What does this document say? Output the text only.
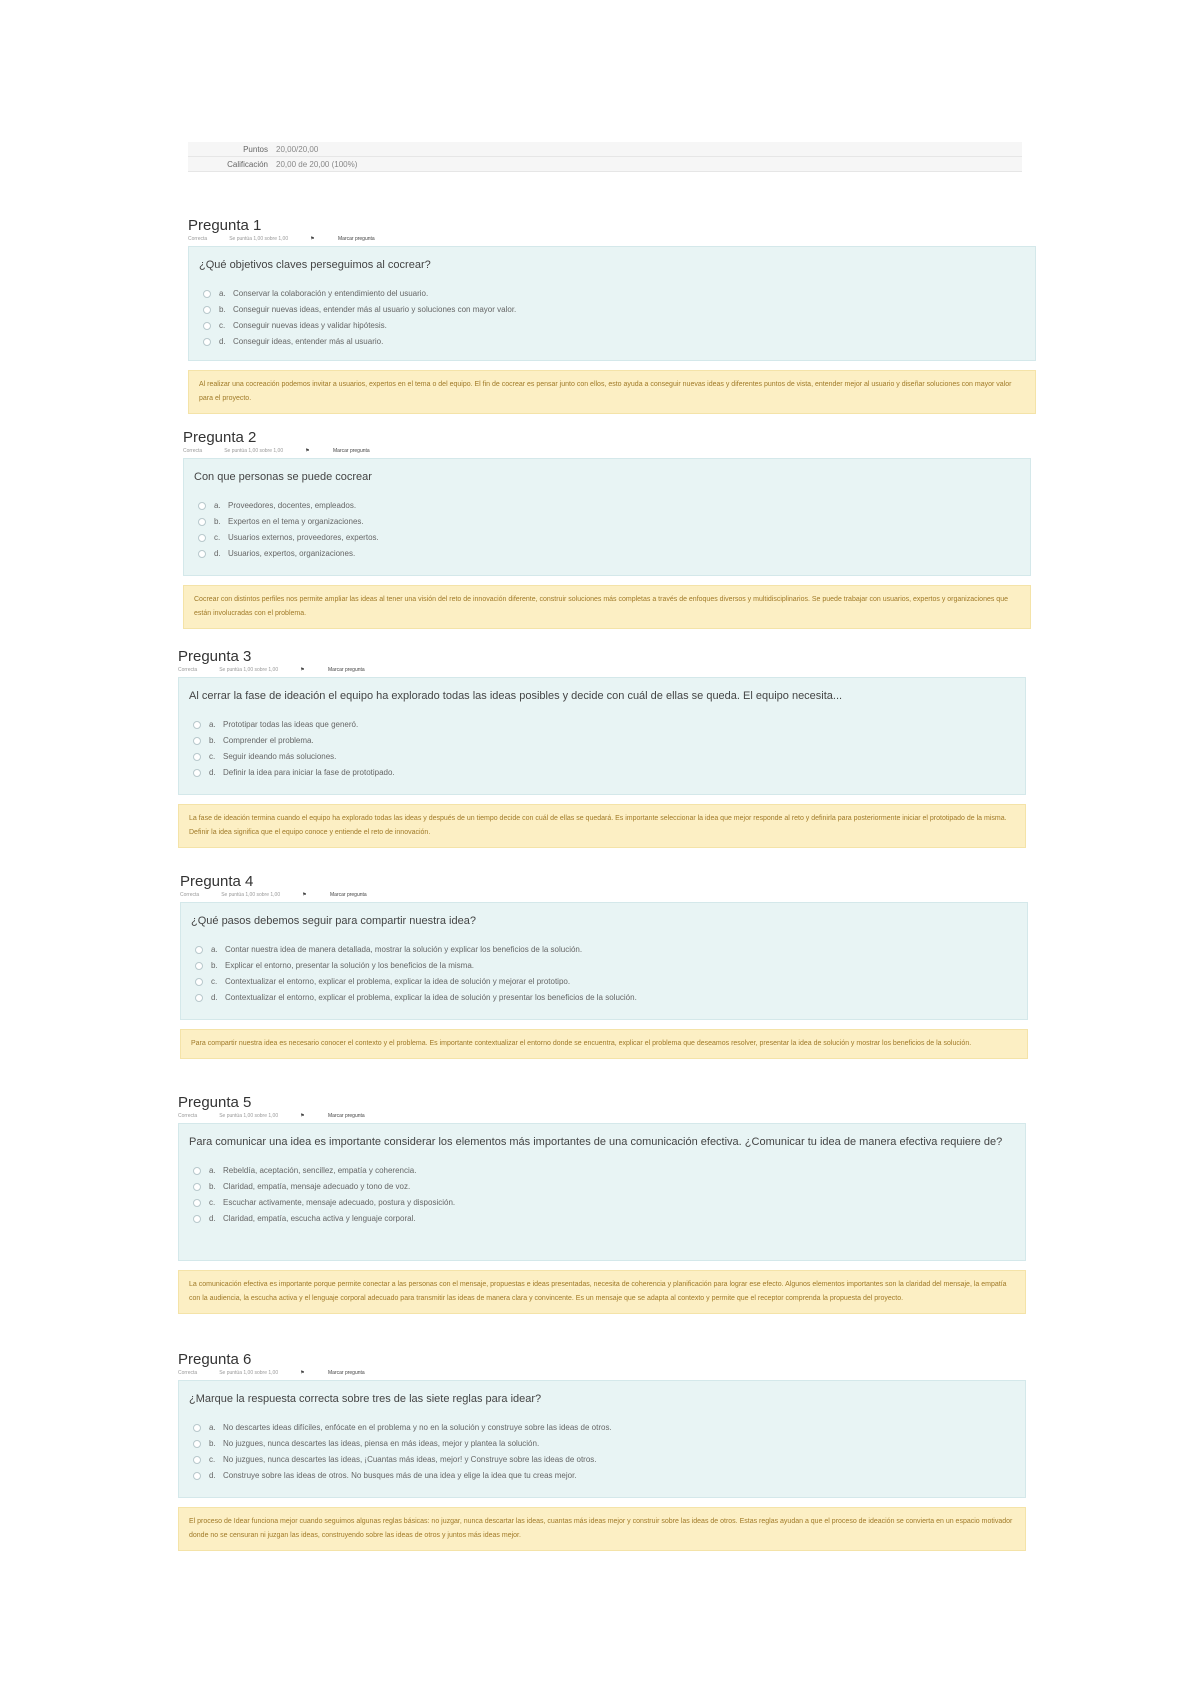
Puntos	20,00/20,00
Calificación	20,00 de 20,00 (100%)
Pregunta 1
Correcta	Se puntúa 1,00 sobre 1,00	⚑	Marcar pregunta
¿Qué objetivos claves perseguimos al cocrear?
a. Conservar la colaboración y entendimiento del usuario.
b. Conseguir nuevas ideas, entender más al usuario y soluciones con mayor valor.
c. Conseguir nuevas ideas y validar hipótesis.
d. Conseguir ideas, entender más al usuario.
Al realizar una cocreación podemos invitar a usuarios, expertos en el tema o del equipo. El fin de cocrear es pensar junto con ellos, esto ayuda a conseguir nuevas ideas y diferentes puntos de vista, entender mejor al usuario y diseñar soluciones con mayor valor para el proyecto.
Pregunta 2
Correcta	Se puntúa 1,00 sobre 1,00	⚑	Marcar pregunta
Con que personas se puede cocrear
a. Proveedores, docentes, empleados.
b. Expertos en el tema y organizaciones.
c. Usuarios externos, proveedores, expertos.
d. Usuarios, expertos, organizaciones.
Cocrear con distintos perfiles nos permite ampliar las ideas al tener una visión del reto de innovación diferente, construir soluciones más completas a través de enfoques diversos y multidisciplinarios. Se puede trabajar con usuarios, expertos y organizaciones que están involucradas con el problema.
Pregunta 3
Correcta	Se puntúa 1,00 sobre 1,00	⚑	Marcar pregunta
Al cerrar la fase de ideación el equipo ha explorado todas las ideas posibles y decide con cuál de ellas se queda. El equipo necesita...
a. Prototipar todas las ideas que generó.
b. Comprender el problema.
c. Seguir ideando más soluciones.
d. Definir la idea para iniciar la fase de prototipado.
La fase de ideación termina cuando el equipo ha explorado todas las ideas y después de un tiempo decide con cuál de ellas se quedará. Es importante seleccionar la idea que mejor responde al reto y definirla para posteriormente iniciar el prototipado de la misma. Definir la idea significa que el equipo conoce y entiende el reto de innovación.
Pregunta 4
Correcta	Se puntúa 1,00 sobre 1,00	⚑	Marcar pregunta
¿Qué pasos debemos seguir para compartir nuestra idea?
a. Contar nuestra idea de manera detallada, mostrar la solución y explicar los beneficios de la solución.
b. Explicar el entorno, presentar la solución y los beneficios de la misma.
c. Contextualizar el entorno, explicar el problema, explicar la idea de solución y mejorar el prototipo.
d. Contextualizar el entorno, explicar el problema, explicar la idea de solución y presentar los beneficios de la solución.
Para compartir nuestra idea es necesario conocer el contexto y el problema. Es importante contextualizar el entorno donde se encuentra, explicar el problema que deseamos resolver, presentar la idea de solución y mostrar los beneficios de la solución.
Pregunta 5
Correcta	Se puntúa 1,00 sobre 1,00	⚑	Marcar pregunta
Para comunicar una idea es importante considerar los elementos más importantes de una comunicación efectiva. ¿Comunicar tu idea de manera efectiva requiere de?
a. Rebeldía, aceptación, sencillez, empatía y coherencia.
b. Claridad, empatía, mensaje adecuado y tono de voz.
c. Escuchar activamente, mensaje adecuado, postura y disposición.
d. Claridad, empatía, escucha activa y lenguaje corporal.
La comunicación efectiva es importante porque permite conectar a las personas con el mensaje, propuestas e ideas presentadas, necesita de coherencia y planificación para lograr ese efecto. Algunos elementos importantes son la claridad del mensaje, la empatía con la audiencia, la escucha activa y el lenguaje corporal adecuado para transmitir las ideas de manera clara y convincente. Es un mensaje que se adapta al contexto y permite que el receptor comprenda la propuesta del proyecto.
Pregunta 6
Correcta	Se puntúa 1,00 sobre 1,00	⚑	Marcar pregunta
¿Marque la respuesta correcta sobre tres de las siete reglas para idear?
a. No descartes ideas difíciles, enfócate en el problema y no en la solución y construye sobre las ideas de otros.
b. No juzgues, nunca descartes las ideas, piensa en más ideas, mejor y plantea la solución.
c. No juzgues, nunca descartes las ideas, ¡Cuantas más ideas, mejor! y Construye sobre las ideas de otros.
d. Construye sobre las ideas de otros. No busques más de una idea y elige la idea que tu creas mejor.
El proceso de Idear funciona mejor cuando seguimos algunas reglas básicas: no juzgar, nunca descartar las ideas, cuantas más ideas mejor y construir sobre las ideas de otros. Estas reglas ayudan a que el proceso de ideación se convierta en un espacio motivador donde no se censuran ni juzgan las ideas, construyendo sobre las ideas de otros y juntos más ideas mejor.
